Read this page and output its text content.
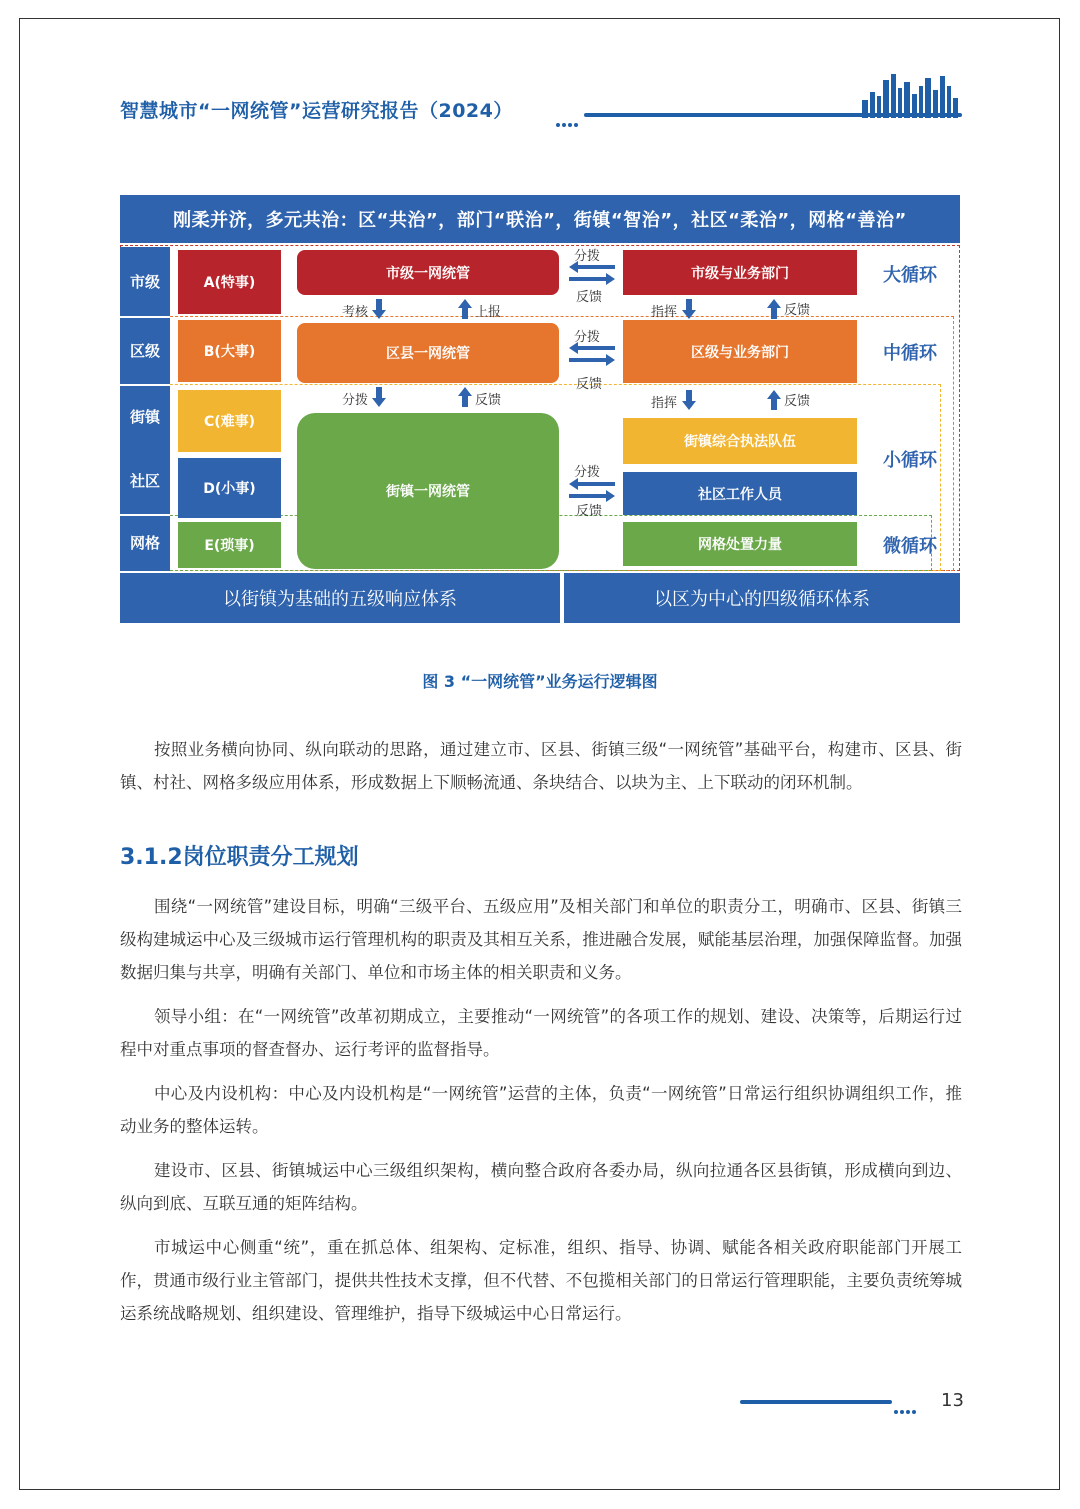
智慧城市“一网统管”运营研究报告（2024）
刚柔并济，多元共治：区“共治”，部门“联治”，街镇“智治”，社区“柔治”，网格“善治”
市级
区级
街镇
社区
网格
A(特事)
B(大事)
C(难事)
D(小事)
E(琐事)
市级一网统管
区县一网统管
街镇一网统管
考核	上报
分拨	反馈
分拨
反馈
分拨
反馈
分拨
反馈
市级与业务部门
区级与业务部门
街镇综合执法队伍
社区工作人员
网格处置力量
指挥	反馈
指挥	反馈
大循环
中循环
小循环
微循环
以街镇为基础的五级响应体系	以区为中心的四级循环体系
图 3 “一网统管”业务运行逻辑图

按照业务横向协同、纵向联动的思路，通过建立市、区县、街镇三级“一网统管”基础平台，构建市、区县、街镇、村社、网格多级应用体系，形成数据上下顺畅流通、条块结合、以块为主、上下联动的闭环机制。

3.1.2岗位职责分工规划

围绕“一网统管”建设目标，明确“三级平台、五级应用”及相关部门和单位的职责分工，明确市、区县、街镇三级构建城运中心及三级城市运行管理机构的职责及其相互关系，推进融合发展，赋能基层治理，加强保障监督。加强数据归集与共享，明确有关部门、单位和市场主体的相关职责和义务。

领导小组：在“一网统管”改革初期成立，主要推动“一网统管”的各项工作的规划、建设、决策等，后期运行过程中对重点事项的督查督办、运行考评的监督指导。

中心及内设机构：中心及内设机构是“一网统管”运营的主体，负责“一网统管”日常运行组织协调组织工作，推动业务的整体运转。

建设市、区县、街镇城运中心三级组织架构，横向整合政府各委办局，纵向拉通各区县街镇，形成横向到边、纵向到底、互联互通的矩阵结构。

市城运中心侧重“统”，重在抓总体、组架构、定标准，组织、指导、协调、赋能各相关政府职能部门开展工作，贯通市级行业主管部门，提供共性技术支撑，但不代替、不包揽相关部门的日常运行管理职能，主要负责统筹城运系统战略规划、组织建设、管理维护，指导下级城运中心日常运行。

13
